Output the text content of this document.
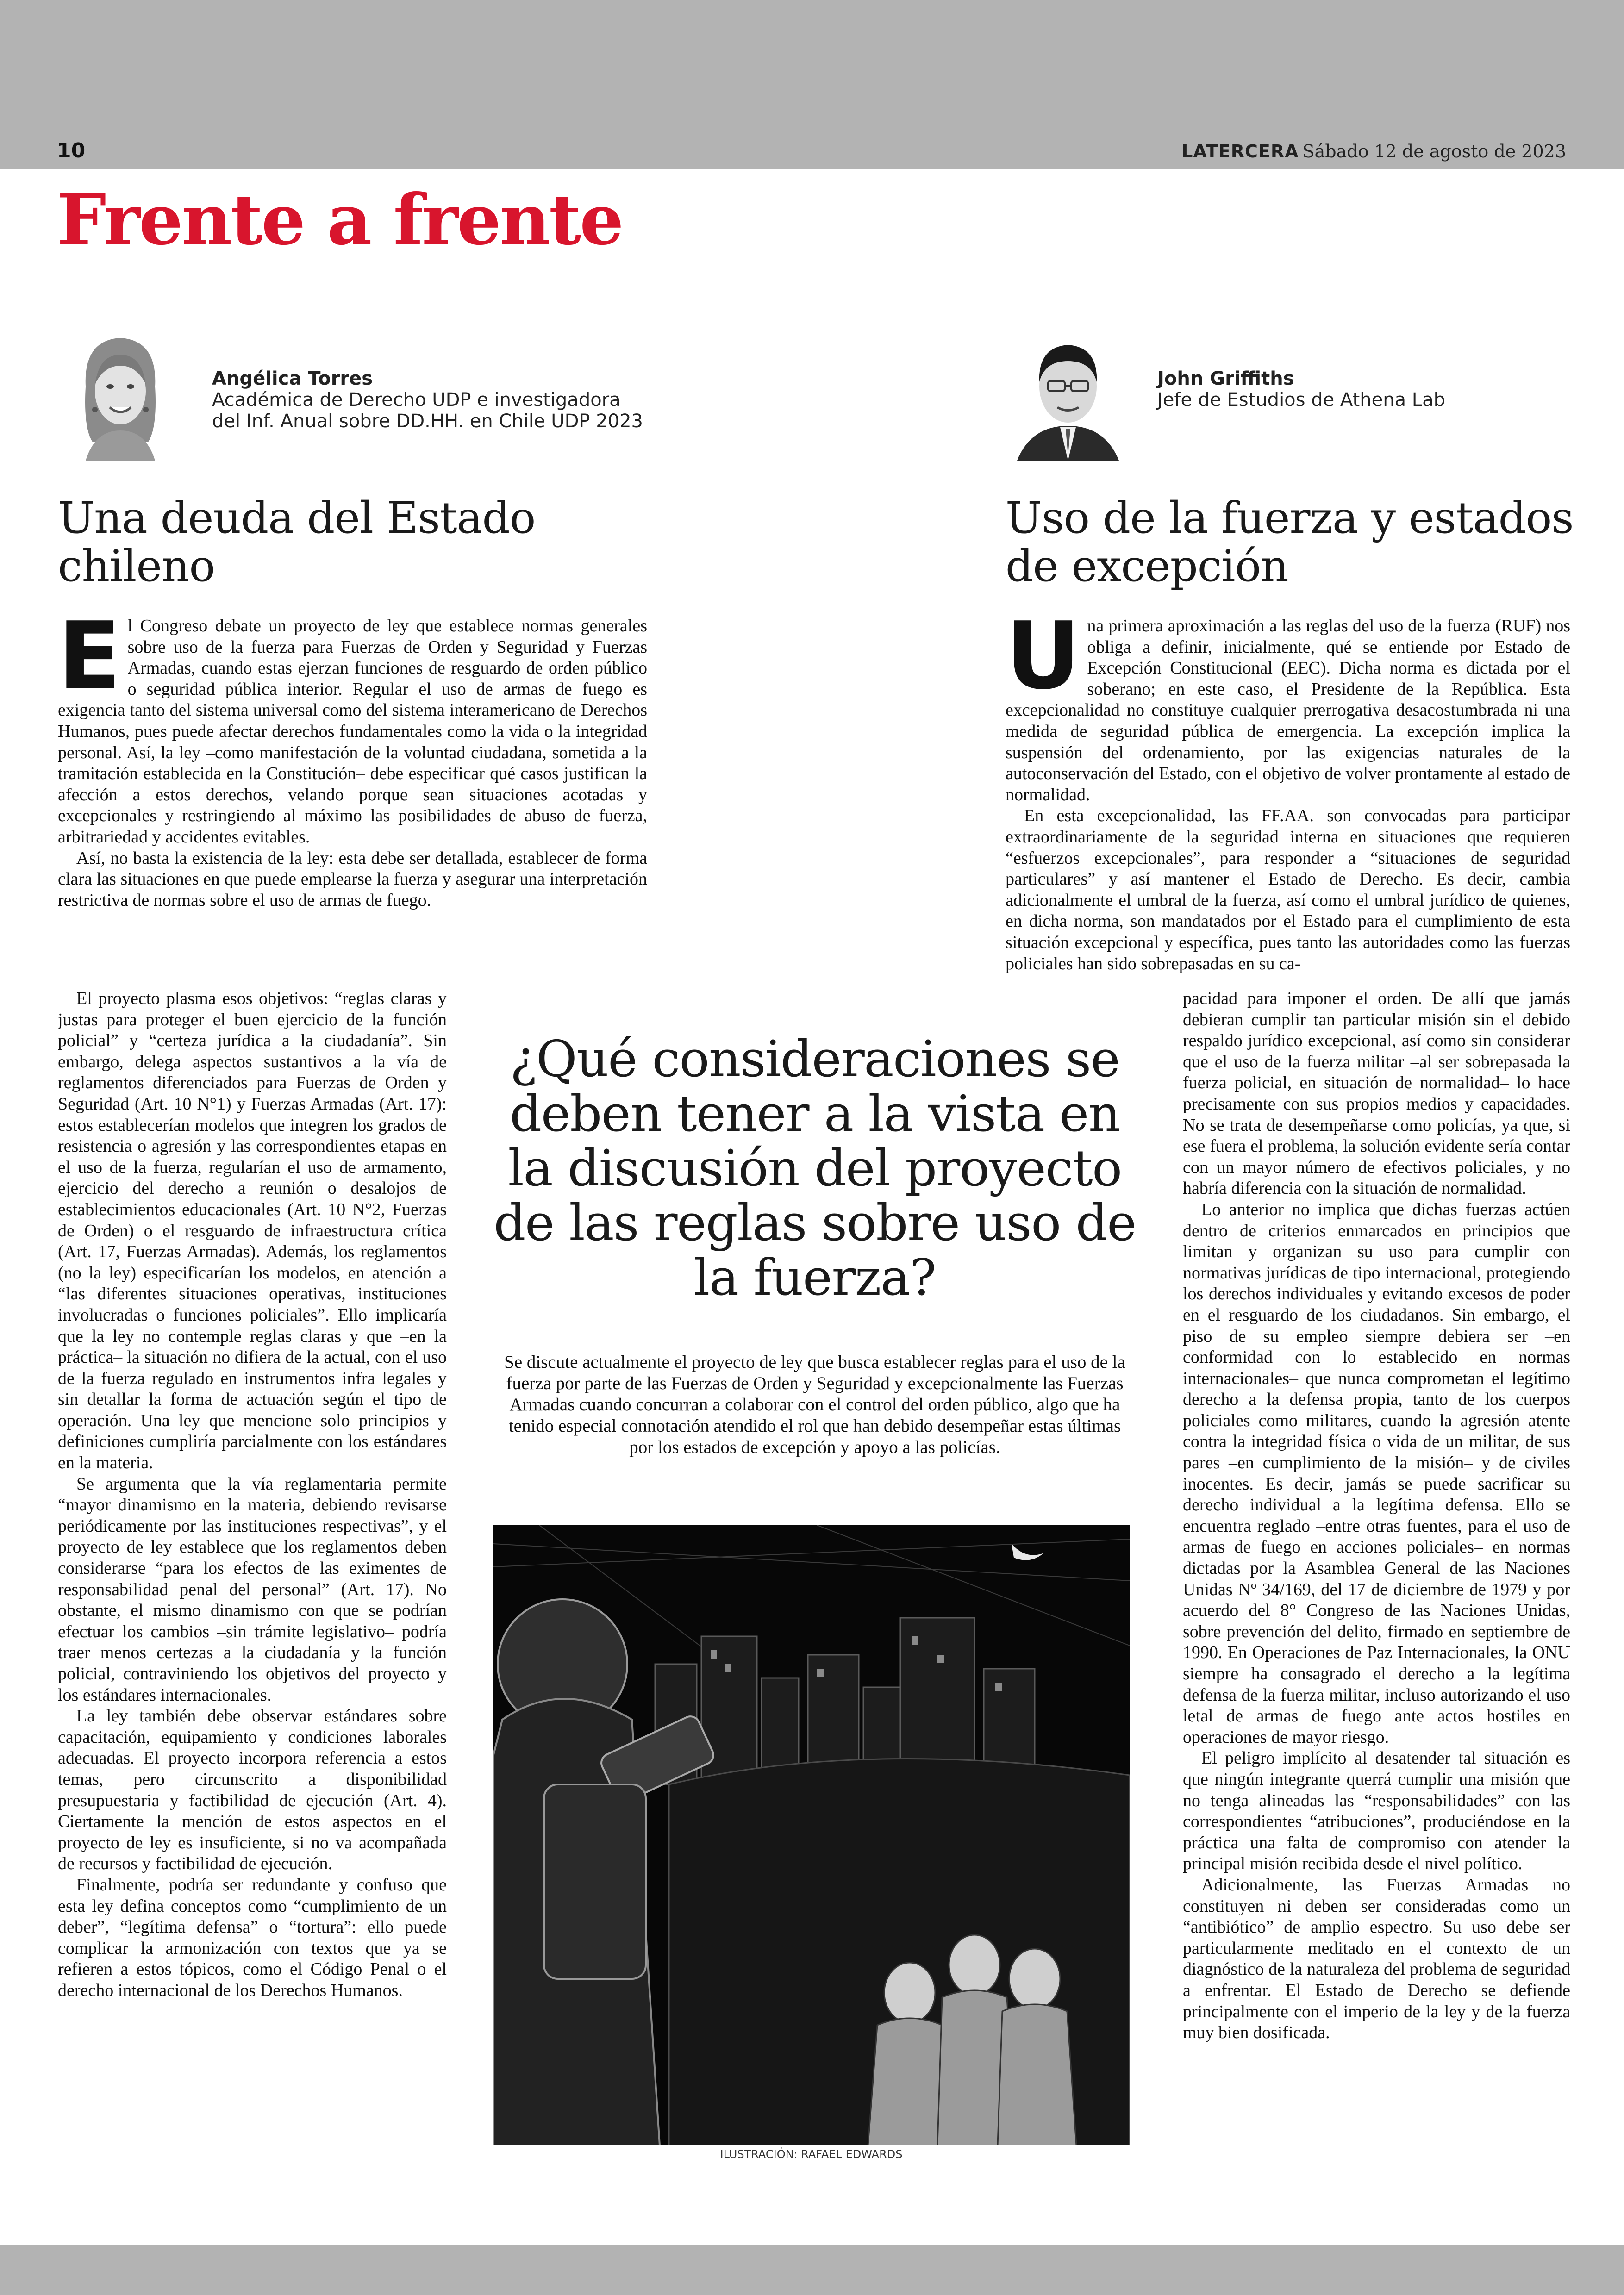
10	LATERCERA Sábado 12 de agosto de 2023
Frente a frente
Angélica Torres
Académica de Derecho UDP e investigadora
del Inf. Anual sobre DD.HH. en Chile UDP 2023
John Griffiths
Jefe de Estudios de Athena Lab
Una deuda del Estado
chileno
Uso de la fuerza y estados
de excepción
E l Congreso debate un proyecto de ley que establece normas generales sobre uso de la fuerza para Fuerzas de Orden y Seguridad y Fuerzas Armadas, cuando estas ejerzan funciones de resguardo de orden público o seguridad pública interior. Regular el uso de armas de fuego es exigencia tanto del sistema universal como del sistema interamericano de Derechos Humanos, pues puede afectar derechos fundamentales como la vida o la integridad personal. Así, la ley –como manifestación de la voluntad ciudadana, sometida a la tramitación establecida en la Constitución– debe especificar qué casos justifican la afección a estos derechos, velando porque sean situaciones acotadas y excepcionales y restringiendo al máximo las posibilidades de abuso de fuerza, arbitrariedad y accidentes evitables.

Así, no basta la existencia de la ley: esta debe ser detallada, establecer de forma clara las situaciones en que puede emplearse la fuerza y asegurar una interpretación restrictiva de normas sobre el uso de armas de fuego.

El proyecto plasma esos objetivos: “reglas claras y justas para proteger el buen ejercicio de la función policial” y “certeza jurídica a la ciudadanía”. Sin embargo, delega aspectos sustantivos a la vía de reglamentos diferenciados para Fuerzas de Orden y Seguridad (Art. 10 N°1) y Fuerzas Armadas (Art. 17): estos establecerían modelos que integren los grados de resistencia o agresión y las correspondientes etapas en el uso de la fuerza, regularían el uso de armamento, ejercicio del derecho a reunión o desalojos de establecimientos educacionales (Art. 10 N°2, Fuerzas de Orden) o el resguardo de infraestructura crítica (Art. 17, Fuerzas Armadas). Además, los reglamentos (no la ley) especificarían los modelos, en atención a “las diferentes situaciones operativas, instituciones involucradas o funciones policiales”. Ello implicaría que la ley no contemple reglas claras y que –en la práctica– la situación no difiera de la actual, con el uso de la fuerza regulado en instrumentos infra legales y sin detallar la forma de actuación según el tipo de operación. Una ley que mencione solo principios y definiciones cumpliría parcialmente con los estándares en la materia.

Se argumenta que la vía reglamentaria permite “mayor dinamismo en la materia, debiendo revisarse periódicamente por las instituciones respectivas”, y el proyecto de ley establece que los reglamentos deben considerarse “para los efectos de las eximentes de responsabilidad penal del personal” (Art. 17). No obstante, el mismo dinamismo con que se podrían efectuar los cambios –sin trámite legislativo– podría traer menos certezas a la ciudadanía y la función policial, contraviniendo los objetivos del proyecto y los estándares internacionales.

La ley también debe observar estándares sobre capacitación, equipamiento y condiciones laborales adecuadas. El proyecto incorpora referencia a estos temas, pero circunscrito a disponibilidad presupuestaria y factibilidad de ejecución (Art. 4). Ciertamente la mención de estos aspectos en el proyecto de ley es insuficiente, si no va acompañada de recursos y factibilidad de ejecución.

Finalmente, podría ser redundante y confuso que esta ley defina conceptos como “cumplimiento de un deber”, “legítima defensa” o “tortura”: ello puede complicar la armonización con textos que ya se refieren a estos tópicos, como el Código Penal o el derecho internacional de los Derechos Humanos.

U na primera aproximación a las reglas del uso de la fuerza (RUF) nos obliga a definir, inicialmente, qué se entiende por Estado de Excepción Constitucional (EEC). Dicha norma es dictada por el soberano; en este caso, el Presidente de la República. Esta excepcionalidad no constituye cualquier prerrogativa desacostumbrada ni una medida de seguridad pública de emergencia. La excepción implica la suspensión del ordenamiento, por las exigencias naturales de la autoconservación del Estado, con el objetivo de volver prontamente al estado de normalidad.

En esta excepcionalidad, las FF.AA. son convocadas para participar extraordinariamente de la seguridad interna en situaciones que requieren “esfuerzos excepcionales”, para responder a “situaciones de seguridad particulares” y así mantener el Estado de Derecho. Es decir, cambia adicionalmente el umbral de la fuerza, así como el umbral jurídico de quienes, en dicha norma, son mandatados por el Estado para el cumplimiento de esta situación excepcional y específica, pues tanto las autoridades como las fuerzas policiales han sido sobrepasadas en su ca-

pacidad para imponer el orden. De allí que jamás debieran cumplir tan particular misión sin el debido respaldo jurídico excepcional, así como sin considerar que el uso de la fuerza militar –al ser sobrepasada la fuerza policial, en situación de normalidad– lo hace precisamente con sus propios medios y capacidades. No se trata de desempeñarse como policías, ya que, si ese fuera el problema, la solución evidente sería contar con un mayor número de efectivos policiales, y no habría diferencia con la situación de normalidad.

Lo anterior no implica que dichas fuerzas actúen dentro de criterios enmarcados en principios que limitan y organizan su uso para cumplir con normativas jurídicas de tipo internacional, protegiendo los derechos individuales y evitando excesos de poder en el resguardo de los ciudadanos. Sin embargo, el piso de su empleo siempre debiera ser –en conformidad con lo establecido en normas internacionales– que nunca comprometan el legítimo derecho a la defensa propia, tanto de los cuerpos policiales como militares, cuando la agresión atente contra la integridad física o vida de un militar, de sus pares –en cumplimiento de la misión– y de civiles inocentes. Es decir, jamás se puede sacrificar su derecho individual a la legítima defensa. Ello se encuentra reglado –entre otras fuentes, para el uso de armas de fuego en acciones policiales– en normas dictadas por la Asamblea General de las Naciones Unidas Nº 34/169, del 17 de diciembre de 1979 y por acuerdo del 8° Congreso de las Naciones Unidas, sobre prevención del delito, firmado en septiembre de 1990. En Operaciones de Paz Internacionales, la ONU siempre ha consagrado el derecho a la legítima defensa de la fuerza militar, incluso autorizando el uso letal de armas de fuego ante actos hostiles en operaciones de mayor riesgo.

El peligro implícito al desatender tal situación es que ningún integrante querrá cumplir una misión que no tenga alineadas las “responsabilidades” con las correspondientes “atribuciones”, produciéndose en la práctica una falta de compromiso con atender la principal misión recibida desde el nivel político.

Adicionalmente, las Fuerzas Armadas no constituyen ni deben ser consideradas como un “antibiótico” de amplio espectro. Su uso debe ser particularmente meditado en el contexto de un diagnóstico de la naturaleza del problema de seguridad a enfrentar. El Estado de Derecho se defiende principalmente con el imperio de la ley y de la fuerza muy bien dosificada.

¿Qué consideraciones se deben tener a la vista en la discusión del proyecto de las reglas sobre uso de la fuerza?
Se discute actualmente el proyecto de ley que busca establecer reglas para el uso de la fuerza por parte de las Fuerzas de Orden y Seguridad y excepcionalmente las Fuerzas Armadas cuando concurran a colaborar con el control del orden público, algo que ha tenido especial connotación atendido el rol que han debido desempeñar estas últimas por los estados de excepción y apoyo a las policías.
ILUSTRACIÓN: RAFAEL EDWARDS
